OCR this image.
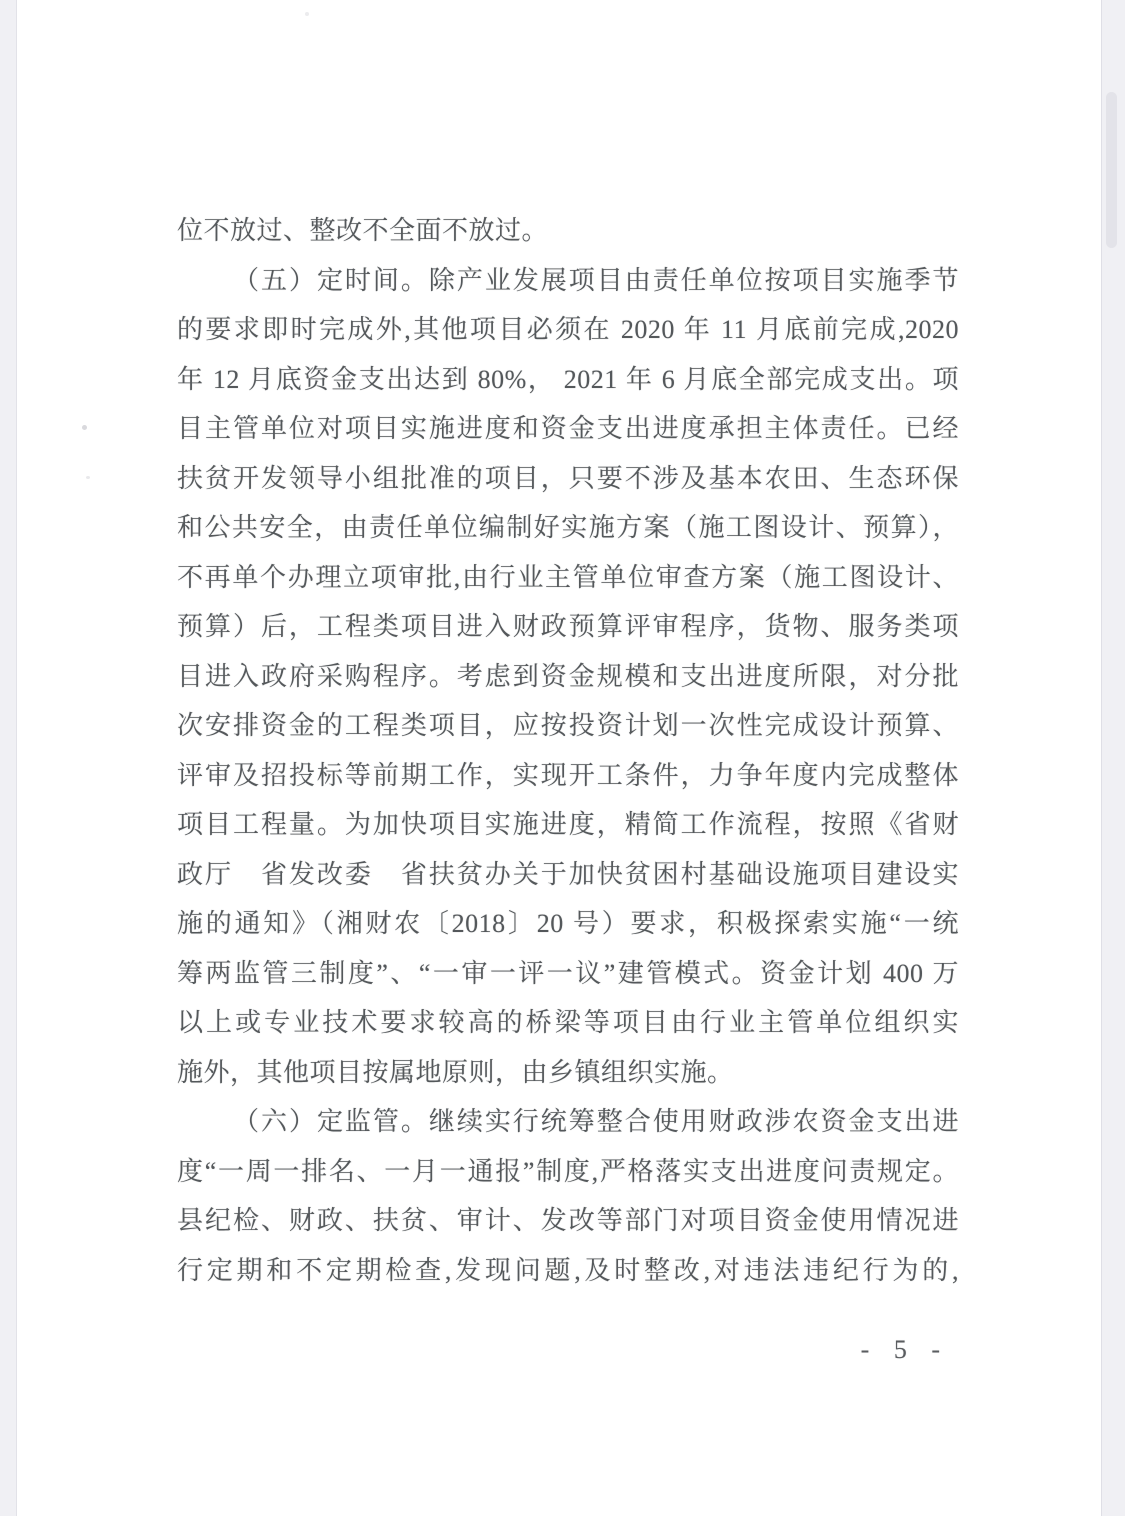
位不放过、整改不全面不放过。
（五）定时间。除产业发展项目由责任单位按项目实施季节
的要求即时完成外,其他项目必须在 2020 年 11 月底前完成,2020
年 12 月底资金支出达到 80%， 2021 年 6 月底全部完成支出。项
目主管单位对项目实施进度和资金支出进度承担主体责任。已经
扶贫开发领导小组批准的项目，只要不涉及基本农田、生态环保
和公共安全，由责任单位编制好实施方案（施工图设计、预算），
不再单个办理立项审批,由行业主管单位审查方案（施工图设计、
预算）后，工程类项目进入财政预算评审程序，货物、服务类项
目进入政府采购程序。考虑到资金规模和支出进度所限，对分批
次安排资金的工程类项目，应按投资计划一次性完成设计预算、
评审及招投标等前期工作，实现开工条件，力争年度内完成整体
项目工程量。为加快项目实施进度，精简工作流程，按照《省财
政厅　省发改委　省扶贫办关于加快贫困村基础设施项目建设实
施的通知》（湘财农〔2018〕20 号）要求，积极探索实施“一统
筹两监管三制度”、“一审一评一议”建管模式。资金计划 400 万
以上或专业技术要求较高的桥梁等项目由行业主管单位组织实
施外，其他项目按属地原则，由乡镇组织实施。
（六）定监管。继续实行统筹整合使用财政涉农资金支出进
度“一周一排名、一月一通报”制度,严格落实支出进度问责规定。
县纪检、财政、扶贫、审计、发改等部门对项目资金使用情况进
行定期和不定期检查,发现问题,及时整改,对违法违纪行为的,
- 5 -
